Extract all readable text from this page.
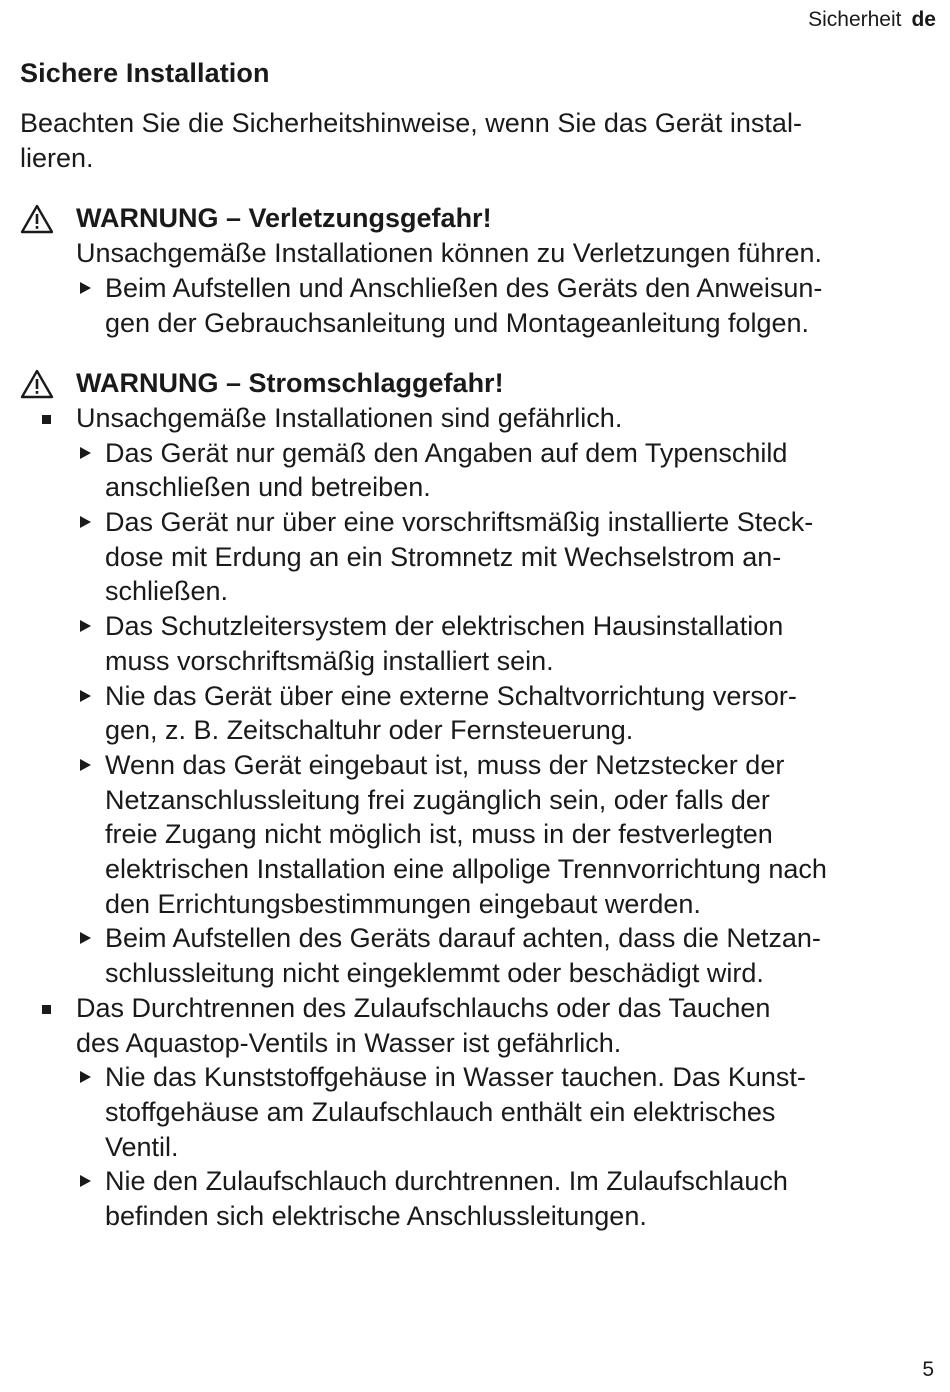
Sicherheit de
Sichere Installation

Beachten Sie die Sicherheitshinweise, wenn Sie das Gerät instal-
lieren.

WARNUNG – Verletzungsgefahr!
Unsachgemäße Installationen können zu Verletzungen führen.
Beim Aufstellen und Anschließen des Geräts den Anweisun-
gen der Gebrauchsanleitung und Montageanleitung folgen.
WARNUNG – Stromschlaggefahr!
Unsachgemäße Installationen sind gefährlich.
Das Gerät nur gemäß den Angaben auf dem Typenschild
anschließen und betreiben.
Das Gerät nur über eine vorschriftsmäßig installierte Steck-
dose mit Erdung an ein Stromnetz mit Wechselstrom an-
schließen.
Das Schutzleitersystem der elektrischen Hausinstallation
muss vorschriftsmäßig installiert sein.
Nie das Gerät über eine externe Schaltvorrichtung versor-
gen, z. B. Zeitschaltuhr oder Fernsteuerung.
Wenn das Gerät eingebaut ist, muss der Netzstecker der
Netzanschlussleitung frei zugänglich sein, oder falls der
freie Zugang nicht möglich ist, muss in der festverlegten
elektrischen Installation eine allpolige Trennvorrichtung nach
den Errichtungsbestimmungen eingebaut werden.
Beim Aufstellen des Geräts darauf achten, dass die Netzan-
schlussleitung nicht eingeklemmt oder beschädigt wird.
Das Durchtrennen des Zulaufschlauchs oder das Tauchen
des Aquastop-Ventils in Wasser ist gefährlich.
Nie das Kunststoffgehäuse in Wasser tauchen. Das Kunst-
stoffgehäuse am Zulaufschlauch enthält ein elektrisches
Ventil.
Nie den Zulaufschlauch durchtrennen. Im Zulaufschlauch
befinden sich elektrische Anschlussleitungen.
5
